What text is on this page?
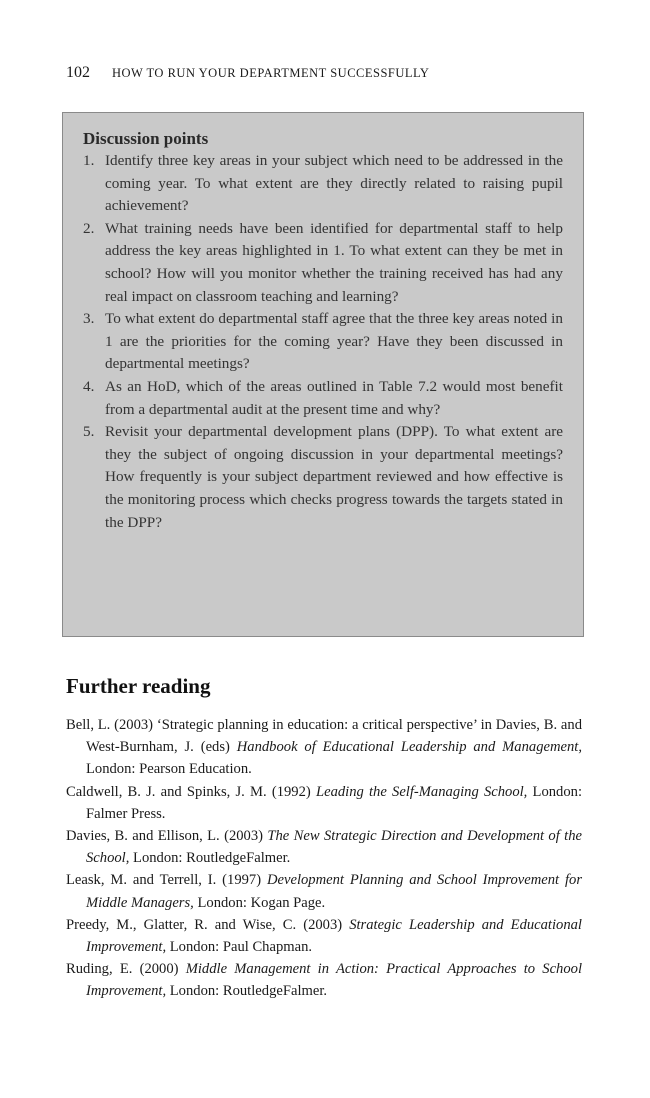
102 HOW TO RUN YOUR DEPARTMENT SUCCESSFULLY
Discussion points
1. Identify three key areas in your subject which need to be addressed in the coming year. To what extent are they directly related to raising pupil achievement?
2. What training needs have been identified for departmental staff to help address the key areas highlighted in 1. To what extent can they be met in school? How will you monitor whether the training received has had any real impact on classroom teaching and learning?
3. To what extent do departmental staff agree that the three key areas noted in 1 are the priorities for the coming year? Have they been discussed in departmental meetings?
4. As an HoD, which of the areas outlined in Table 7.2 would most benefit from a departmental audit at the present time and why?
5. Revisit your departmental development plans (DPP). To what extent are they the subject of ongoing discussion in your departmental meetings? How frequently is your subject department reviewed and how effective is the monitoring process which checks progress towards the targets stated in the DPP?
Further reading
Bell, L. (2003) ‘Strategic planning in education: a critical perspective’ in Davies, B. and West-Burnham, J. (eds) Handbook of Educational Leadership and Management, London: Pearson Education.
Caldwell, B. J. and Spinks, J. M. (1992) Leading the Self-Managing School, London: Falmer Press.
Davies, B. and Ellison, L. (2003) The New Strategic Direction and Development of the School, London: RoutledgeFalmer.
Leask, M. and Terrell, I. (1997) Development Planning and School Improvement for Middle Managers, London: Kogan Page.
Preedy, M., Glatter, R. and Wise, C. (2003) Strategic Leadership and Educational Improvement, London: Paul Chapman.
Ruding, E. (2000) Middle Management in Action: Practical Approaches to School Improvement, London: RoutledgeFalmer.
